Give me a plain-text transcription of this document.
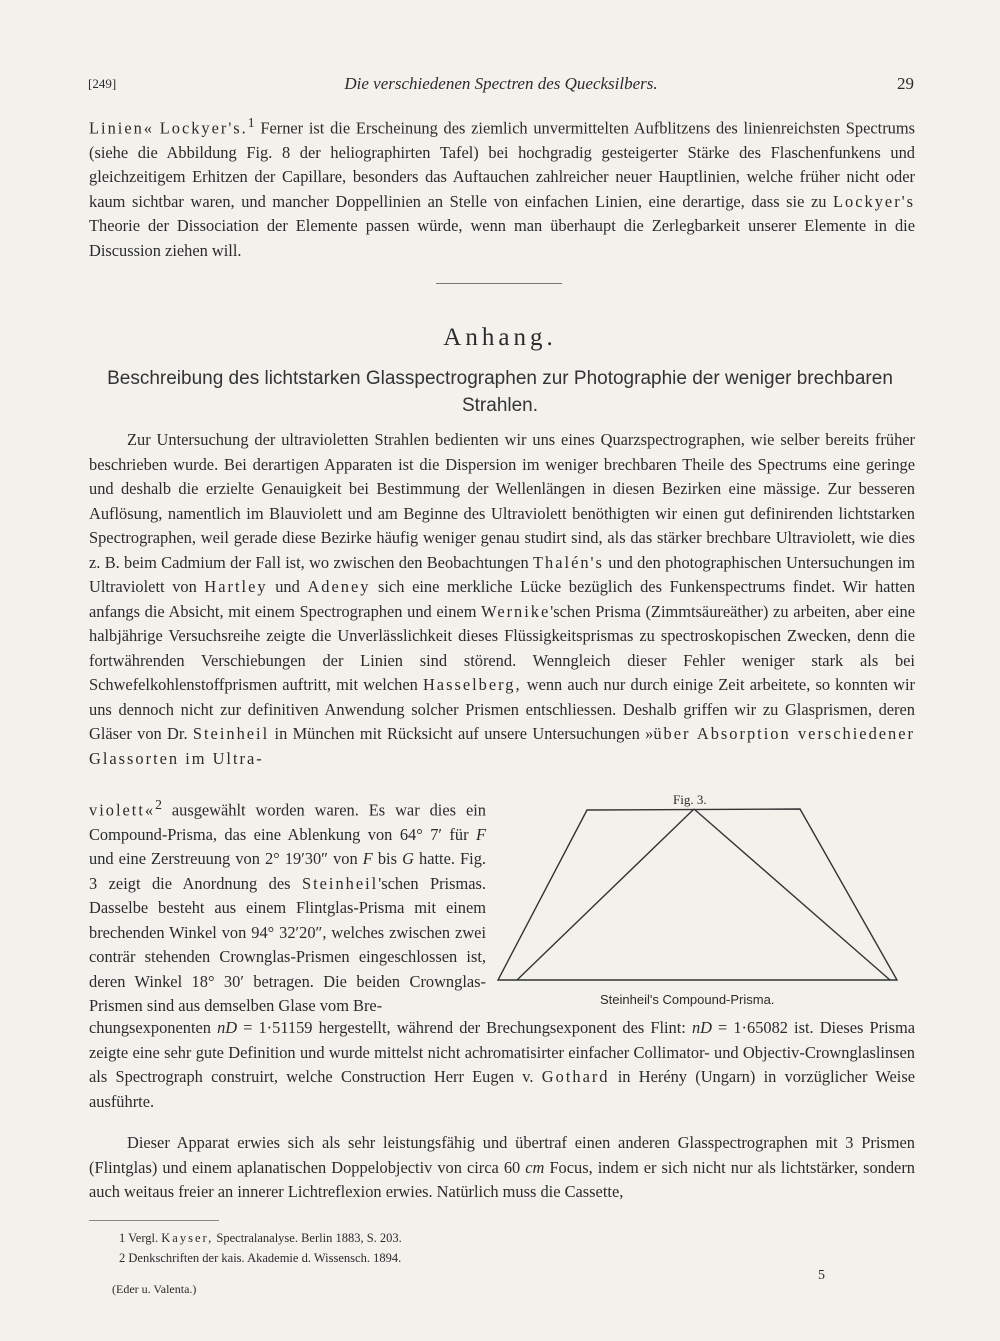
[249]	Die verschiedenen Spectren des Quecksilbers.	29

Linien« Lockyer's.$^1$ Ferner ist die Erscheinung des ziemlich unvermittelten Aufblitzens des linienreichsten Spectrums (siehe die Abbildung Fig. 8 der heliographirten Tafel) bei hochgradig gesteigerter Stärke des Flaschenfunkens und gleichzeitigem Erhitzen der Capillare, besonders das Auftauchen zahlreicher neuer Hauptlinien, welche früher nicht oder kaum sichtbar waren, und mancher Doppellinien an Stelle von einfachen Linien, eine derartige, dass sie zu Lockyer's Theorie der Dissociation der Elemente passen würde, wenn man überhaupt die Zerlegbarkeit unserer Elemente in die Discussion ziehen will.

Anhang.
Beschreibung des lichtstarken Glasspectrographen zur Photographie der weniger brechbaren Strahlen.

Zur Untersuchung der ultravioletten Strahlen bedienten wir uns eines Quarzspectrographen, wie selber bereits früher beschrieben wurde. Bei derartigen Apparaten ist die Dispersion im weniger brechbaren Theile des Spectrums eine geringe und deshalb die erzielte Genauigkeit bei Bestimmung der Wellenlängen in diesen Bezirken eine mässige. Zur besseren Auflösung, namentlich im Blauviolett und am Beginne des Ultraviolett benöthigten wir einen gut definirenden lichtstarken Spectrographen, weil gerade diese Bezirke häufig weniger genau studirt sind, als das stärker brechbare Ultraviolett, wie dies z. B. beim Cadmium der Fall ist, wo zwischen den Beobachtungen Thalén's und den photographischen Untersuchungen im Ultraviolett von Hartley und Adeney sich eine merkliche Lücke bezüglich des Funkenspectrums findet. Wir hatten anfangs die Absicht, mit einem Spectrographen und einem Wernike'schen Prisma (Zimmtsäureäther) zu arbeiten, aber eine halbjährige Versuchsreihe zeigte die Unverlässlichkeit dieses Flüssigkeitsprismas zu spectroskopischen Zwecken, denn die fortwährenden Verschiebungen der Linien sind störend. Wenngleich dieser Fehler weniger stark als bei Schwefelkohlenstoffprismen auftritt, mit welchen Hasselberg, wenn auch nur durch einige Zeit arbeitete, so konnten wir uns dennoch nicht zur definitiven Anwendung solcher Prismen entschliessen. Deshalb griffen wir zu Glasprismen, deren Gläser von Dr. Steinheil in München mit Rücksicht auf unsere Untersuchungen »über Absorption verschiedener Glassorten im Ultra-

violett«$^2$ ausgewählt worden waren. Es war dies ein Compound-Prisma, das eine Ablenkung von 64° 7′ für F und eine Zerstreuung von 2° 19′30″ von F bis G hatte. Fig. 3 zeigt die Anordnung des Steinheil'schen Prismas. Dasselbe besteht aus einem Flintglas-Prisma mit einem brechenden Winkel von 94° 32′20″, welches zwischen zwei conträr stehenden Crownglas-Prismen eingeschlossen ist, deren Winkel 18° 30′ betragen. Die beiden Crownglas-Prismen sind aus demselben Glase vom Bre-

Fig. 3.
Steinheil's Compound-Prisma.

chungsexponenten nD = 1·51159 hergestellt, während der Brechungsexponent des Flint: nD = 1·65082 ist. Dieses Prisma zeigte eine sehr gute Definition und wurde mittelst nicht achromatisirter einfacher Collimator- und Objectiv-Crownglaslinsen als Spectrograph construirt, welche Construction Herr Eugen v. Gothard in Herény (Ungarn) in vorzüglicher Weise ausführte.

Dieser Apparat erwies sich als sehr leistungsfähig und übertraf einen anderen Glasspectrographen mit 3 Prismen (Flintglas) und einem aplanatischen Doppelobjectiv von circa 60 cm Focus, indem er sich nicht nur als lichtstärker, sondern auch weitaus freier an innerer Lichtreflexion erwies. Natürlich muss die Cassette,

1 Vergl. Kayser, Spectralanalyse. Berlin 1883, S. 203.
2 Denkschriften der kais. Akademie d. Wissensch. 1894.
(Eder u. Valenta.)
5
